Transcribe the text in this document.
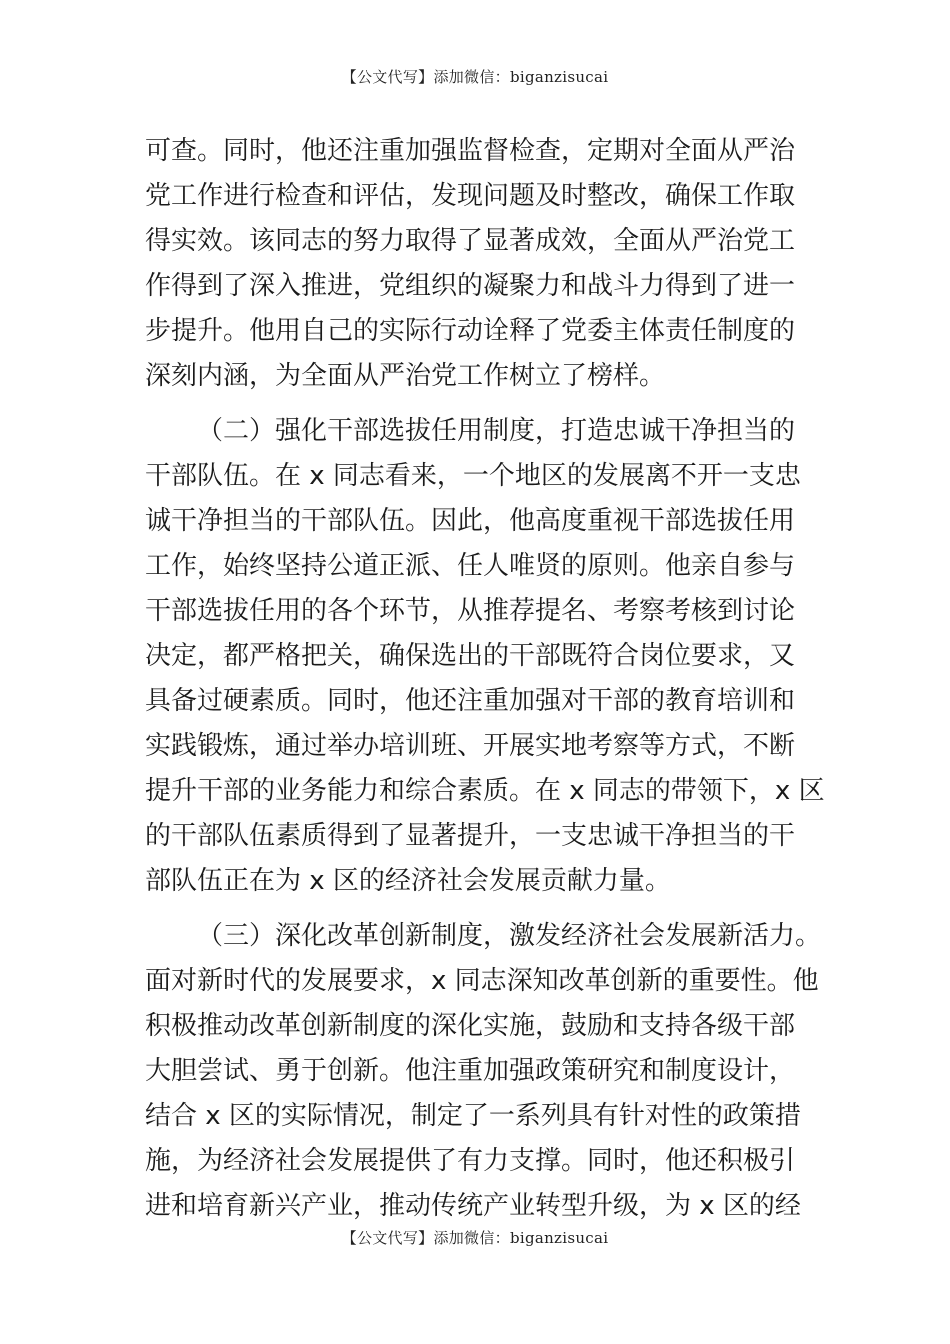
【公文代写】添加微信：biganzisucai
可查。同时，他还注重加强监督检查，定期对全面从严治
党工作进行检查和评估，发现问题及时整改，确保工作取
得实效。该同志的努力取得了显著成效，全面从严治党工
作得到了深入推进，党组织的凝聚力和战斗力得到了进一
步提升。他用自己的实际行动诠释了党委主体责任制度的
深刻内涵，为全面从严治党工作树立了榜样。
（二）强化干部选拔任用制度，打造忠诚干净担当的
干部队伍。在 x 同志看来，一个地区的发展离不开一支忠
诚干净担当的干部队伍。因此，他高度重视干部选拔任用
工作，始终坚持公道正派、任人唯贤的原则。他亲自参与
干部选拔任用的各个环节，从推荐提名、考察考核到讨论
决定，都严格把关，确保选出的干部既符合岗位要求，又
具备过硬素质。同时，他还注重加强对干部的教育培训和
实践锻炼，通过举办培训班、开展实地考察等方式，不断
提升干部的业务能力和综合素质。在 x 同志的带领下，x 区
的干部队伍素质得到了显著提升，一支忠诚干净担当的干
部队伍正在为 x 区的经济社会发展贡献力量。
（三）深化改革创新制度，激发经济社会发展新活力。
面对新时代的发展要求，x 同志深知改革创新的重要性。他
积极推动改革创新制度的深化实施，鼓励和支持各级干部
大胆尝试、勇于创新。他注重加强政策研究和制度设计，
结合 x 区的实际情况，制定了一系列具有针对性的政策措
施，为经济社会发展提供了有力支撑。同时，他还积极引
进和培育新兴产业，推动传统产业转型升级，为 x 区的经
【公文代写】添加微信：biganzisucai
